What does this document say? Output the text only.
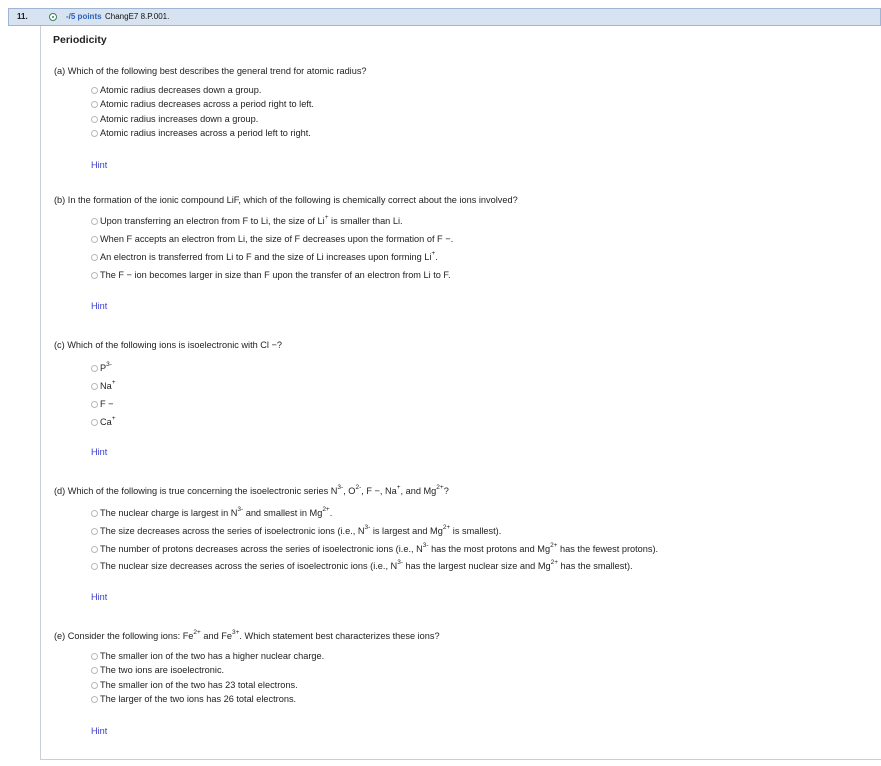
11.	-/5 points ChangE7 8.P.001.
Periodicity
(a) Which of the following best describes the general trend for atomic radius?
Atomic radius decreases down a group.
Atomic radius decreases across a period right to left.
Atomic radius increases down a group.
Atomic radius increases across a period left to right.
Hint
(b) In the formation of the ionic compound LiF, which of the following is chemically correct about the ions involved?
Upon transferring an electron from F to Li, the size of Li+ is smaller than Li.
When F accepts an electron from Li, the size of F decreases upon the formation of F −.
An electron is transferred from Li to F and the size of Li increases upon forming Li+.
The F − ion becomes larger in size than F upon the transfer of an electron from Li to F.
Hint
(c) Which of the following ions is isoelectronic with Cl −?
$P^{3-}$
Na+
F −
Ca+
Hint
(d) Which of the following is true concerning the isoelectronic series $N^{3-}$, $O^{2-}$, F −, Na+, and $Mg^{2+}$?
The nuclear charge is largest in $N^{3-}$ and smallest in $Mg^{2+}$.
The size decreases across the series of isoelectronic ions (i.e., $N^{3-}$ is largest and $Mg^{2+}$ is smallest).
The number of protons decreases across the series of isoelectronic ions (i.e., $N^{3-}$ has the most protons and $Mg^{2+}$ has the fewest protons).
The nuclear size decreases across the series of isoelectronic ions (i.e., $N^{3-}$ has the largest nuclear size and $Mg^{2+}$ has the smallest).
Hint
(e) Consider the following ions: $Fe^{2+}$ and $Fe^{3+}$. Which statement best characterizes these ions?
The smaller ion of the two has a higher nuclear charge.
The two ions are isoelectronic.
The smaller ion of the two has 23 total electrons.
The larger of the two ions has 26 total electrons.
Hint
